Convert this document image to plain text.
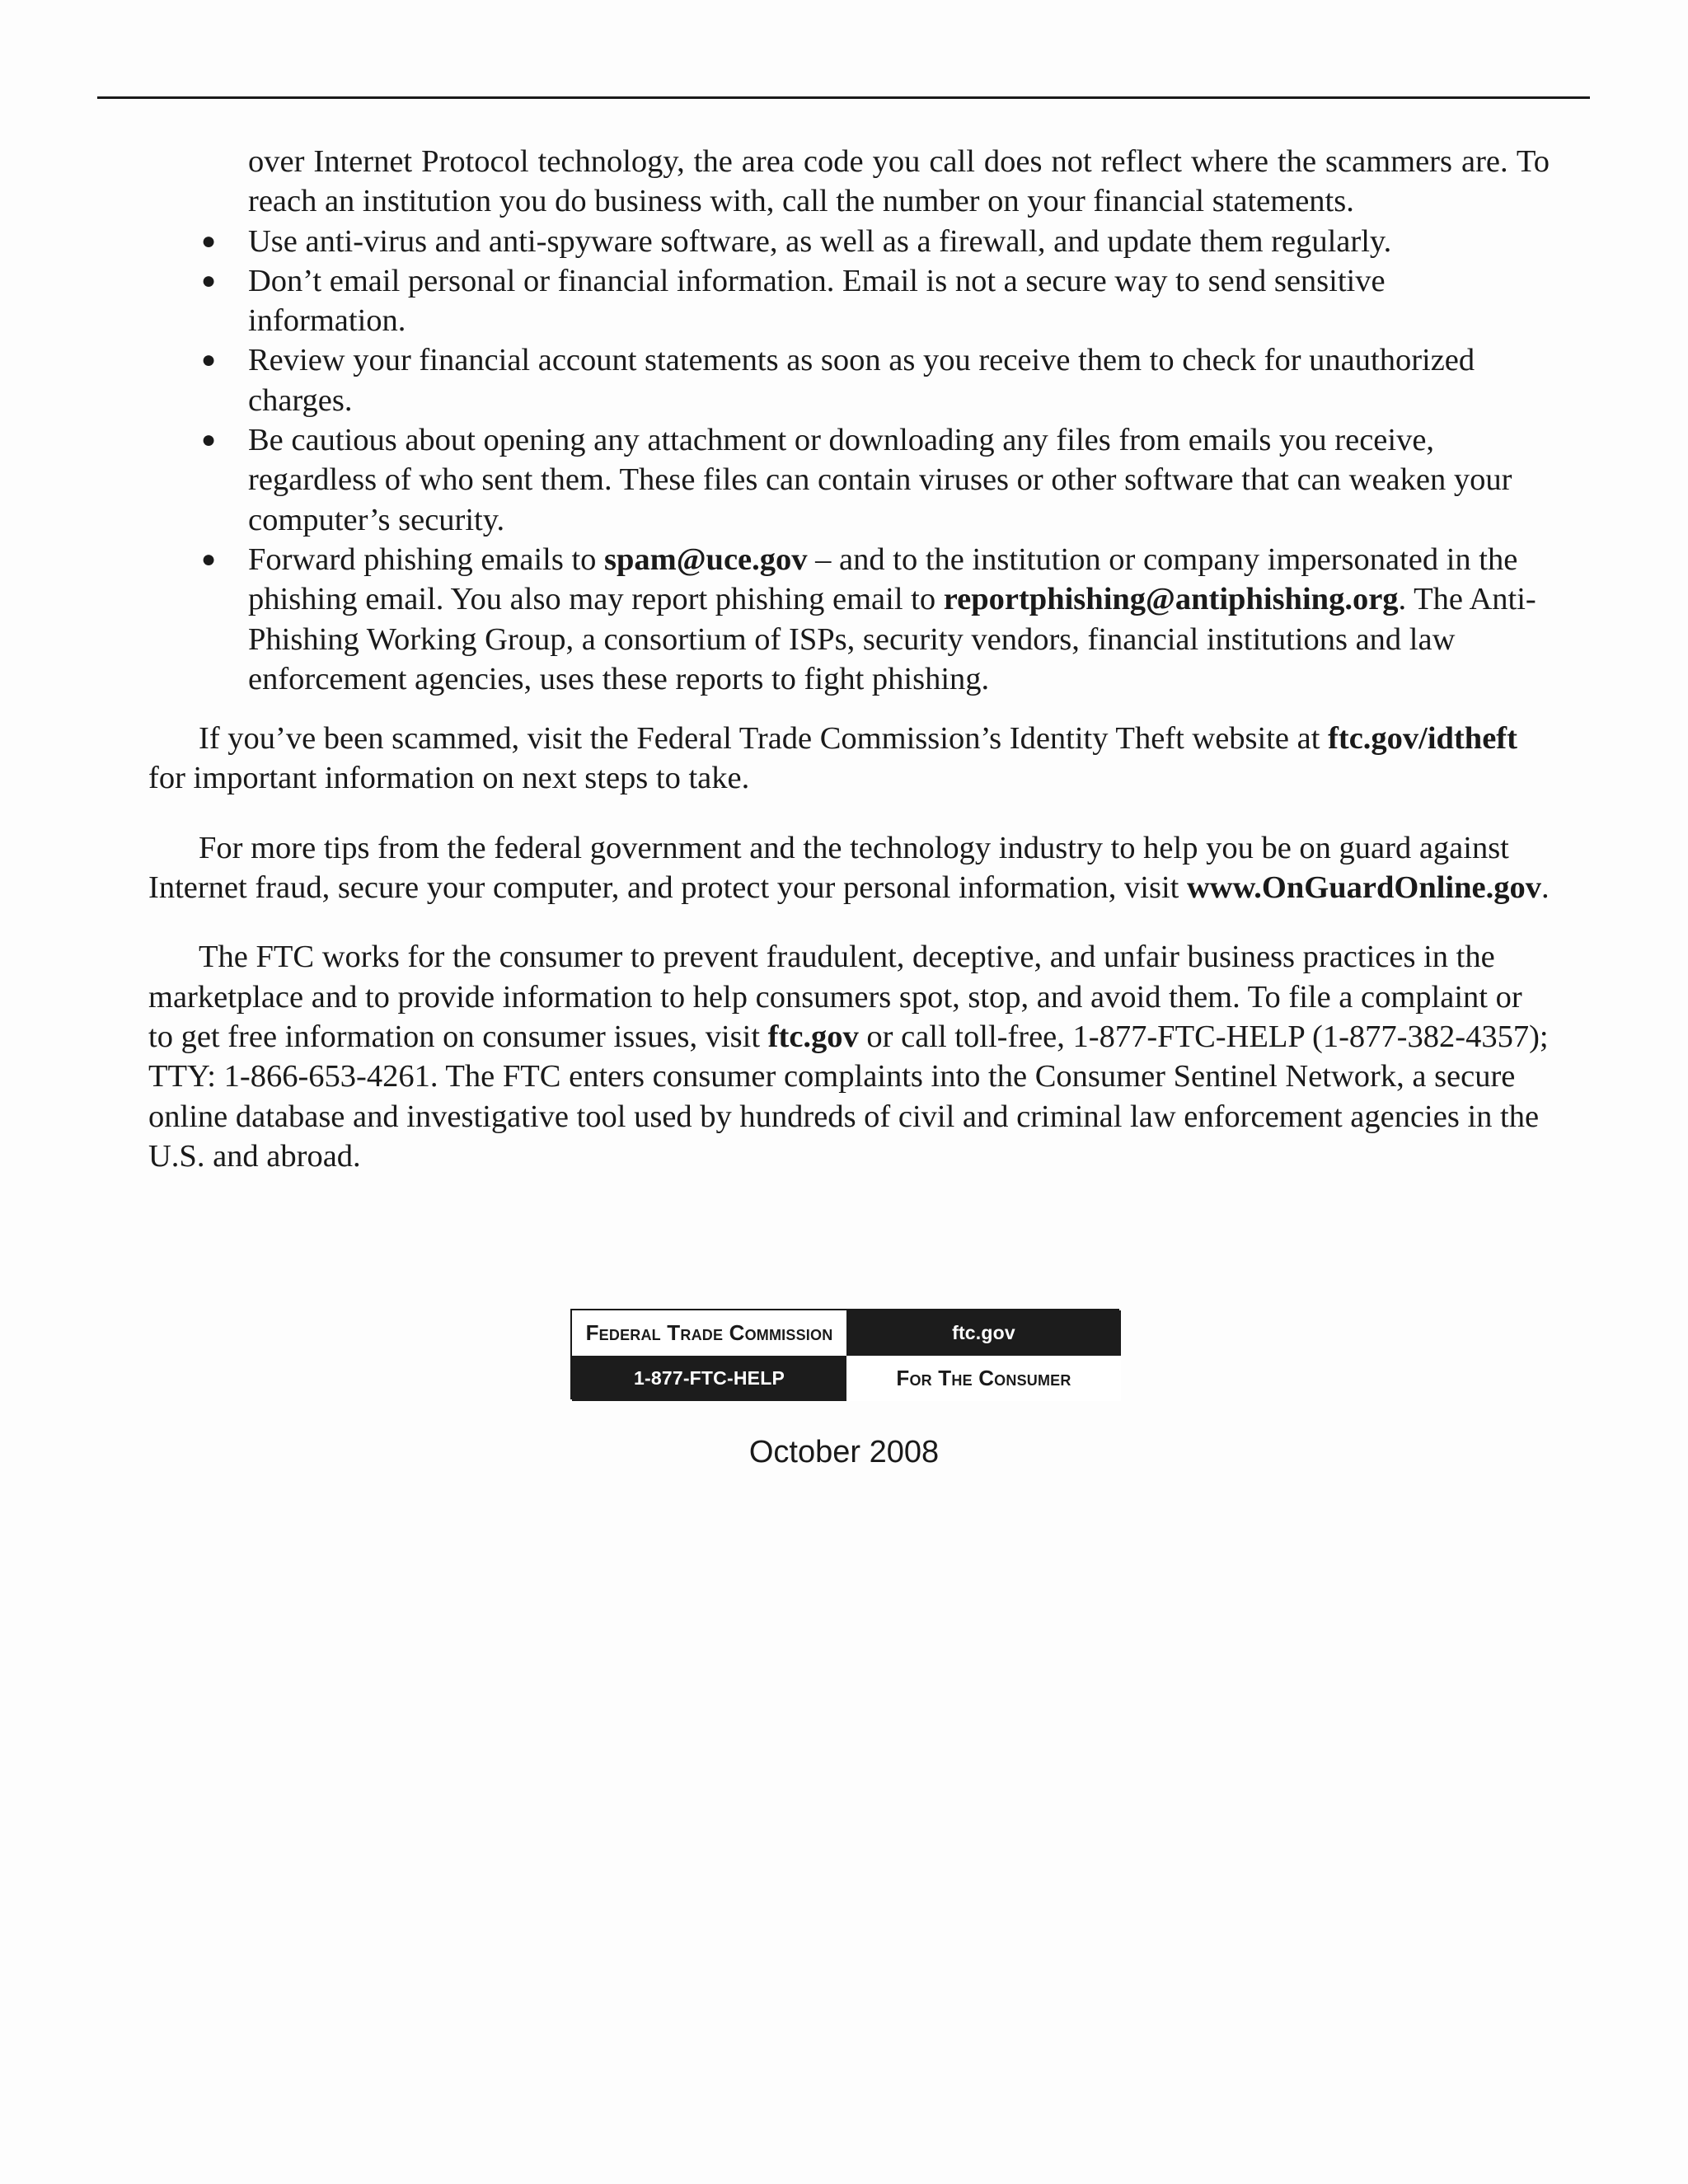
over Internet Protocol technology, the area code you call does not reflect where the scammers are. To reach an institution you do business with, call the number on your financial statements.
● Use anti-virus and anti-spyware software, as well as a firewall, and update them regularly.
● Don’t email personal or financial information. Email is not a secure way to send sensitive information.
● Review your financial account statements as soon as you receive them to check for unauthorized charges.
● Be cautious about opening any attachment or downloading any files from emails you receive, regardless of who sent them. These files can contain viruses or other software that can weaken your computer’s security.
● Forward phishing emails to spam@uce.gov – and to the institution or company impersonated in the phishing email. You also may report phishing email to reportphishing@antiphishing.org. The Anti-Phishing Working Group, a consortium of ISPs, security vendors, financial institutions and law enforcement agencies, uses these reports to fight phishing.

If you’ve been scammed, visit the Federal Trade Commission’s Identity Theft website at ftc.gov/idtheft for important information on next steps to take.

For more tips from the federal government and the technology industry to help you be on guard against Internet fraud, secure your computer, and protect your personal information, visit www.OnGuardOnline.gov.

The FTC works for the consumer to prevent fraudulent, deceptive, and unfair business practices in the marketplace and to provide information to help consumers spot, stop, and avoid them. To file a complaint or to get free information on consumer issues, visit ftc.gov or call toll-free, 1-877-FTC-HELP (1-877-382-4357); TTY: 1-866-653-4261. The FTC enters consumer complaints into the Consumer Sentinel Network, a secure online database and investigative tool used by hundreds of civil and criminal law enforcement agencies in the U.S. and abroad.

Federal Trade Commission	ftc.gov
1-877-FTC-HELP	For The Consumer
October 2008
